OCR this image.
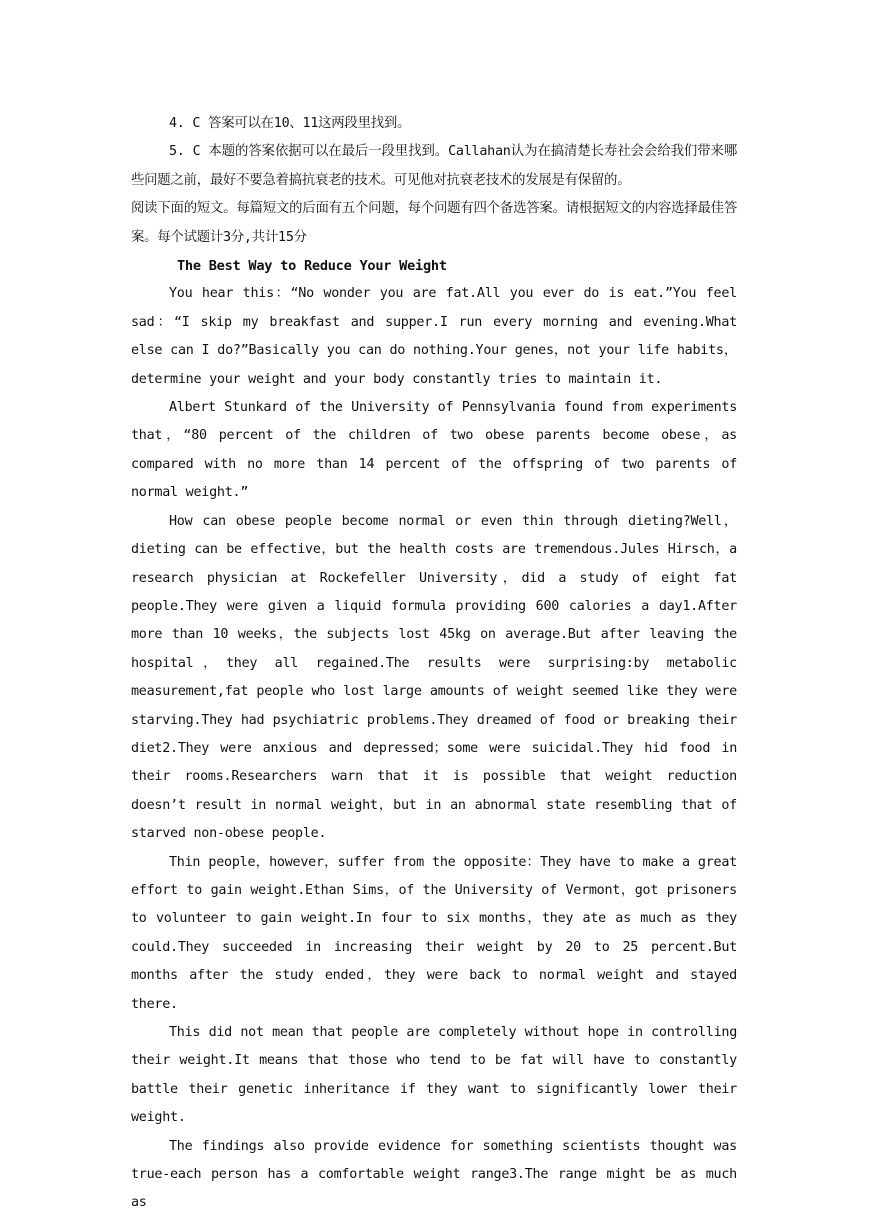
4. C 答案可以在10、11这两段里找到。

5. C 本题的答案依据可以在最后一段里找到。Callahan认为在搞清楚长寿社会会给我们带来哪些问题之前，最好不要急着搞抗衰老的技术。可见他对抗衰老技术的发展是有保留的。

阅读下面的短文。每篇短文的后面有五个问题，每个问题有四个备选答案。请根据短文的内容选择最佳答案。每个试题计3分,共计15分

The Best Way to Reduce Your Weight

You hear this：“No wonder you are fat.All you ever do is eat.”You feel sad：“I skip my breakfast and supper.I run every morning and evening.What else can I do?”Basically you can do nothing.Your genes，not your life habits，determine your weight and your body constantly tries to maintain it.

Albert Stunkard of the University of Pennsylvania found from experiments that，“80 percent of the children of two obese parents become obese，as compared with no more than 14 percent of the offspring of two parents of normal weight.”

How can obese people become normal or even thin through dieting?Well，dieting can be effective，but the health costs are tremendous.Jules Hirsch，a research physician at Rockefeller University，did a study of eight fat people.They were given a liquid formula providing 600 calories a day1.After more than 10 weeks，the subjects lost 45kg on average.But after leaving the hospital，they all regained.The results were surprising:by metabolic measurement,fat people who lost large amounts of weight seemed like they were starving.They had psychiatric problems.They dreamed of food or breaking their diet2.They were anxious and depressed；some were suicidal.They hid food in their rooms.Researchers warn that it is possible that weight reduction doesn’t result in normal weight，but in an abnormal state resembling that of starved non-obese people.

Thin people，however，suffer from the opposite：They have to make a great effort to gain weight.Ethan Sims，of the University of Vermont，got prisoners to volunteer to gain weight.In four to six months，they ate as much as they could.They succeeded in increasing their weight by 20 to 25 percent.But months after the study ended，they were back to normal weight and stayed there.

This did not mean that people are completely without hope in controlling their weight.It means that those who tend to be fat will have to constantly battle their genetic inheritance if they want to significantly lower their weight.

The findings also provide evidence for something scientists thought was true-each person has a comfortable weight range3.The range might be as much as
